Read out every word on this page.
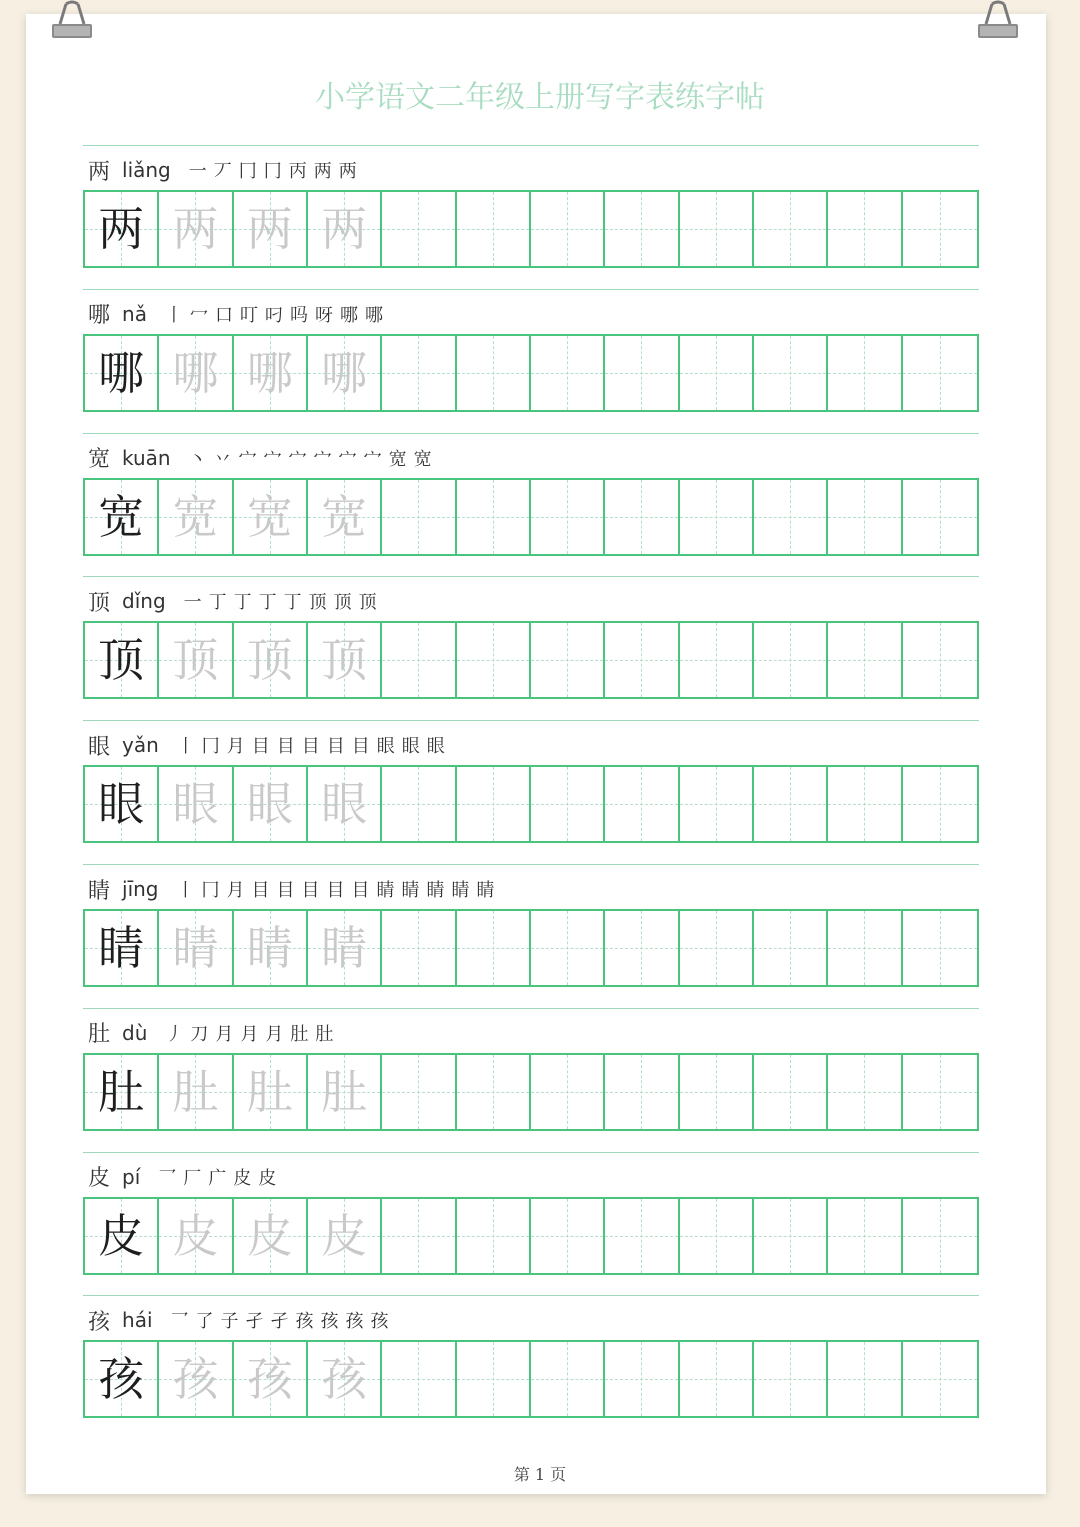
小学语文二年级上册写字表练字帖
两 liǎng 一 丆 冂 冂 丙 两 两
两 两 两 两
哪 nǎ 丨 冖 口 叮 叼 吗 呀 哪 哪
哪 哪 哪 哪
宽 kuān 丶 丷 宀 宀 宀 宀 宀 宀 宽 宽
宽 宽 宽 宽
顶 dǐng 一 丁 丁 丁 丁 顶 顶 顶
顶 顶 顶 顶
眼 yǎn 丨 冂 月 目 目 目 目 目 眼 眼 眼
眼 眼 眼 眼
睛 jīng 丨 冂 月 目 目 目 目 目 睛 睛 睛 睛 睛
睛 睛 睛 睛
肚 dù 丿 刀 月 月 月 肚 肚
肚 肚 肚 肚
皮 pí 乛 厂 广 皮 皮
皮 皮 皮 皮
孩 hái 乛 了 子 孑 孑 孩 孩 孩 孩
孩 孩 孩 孩
第 1 页
